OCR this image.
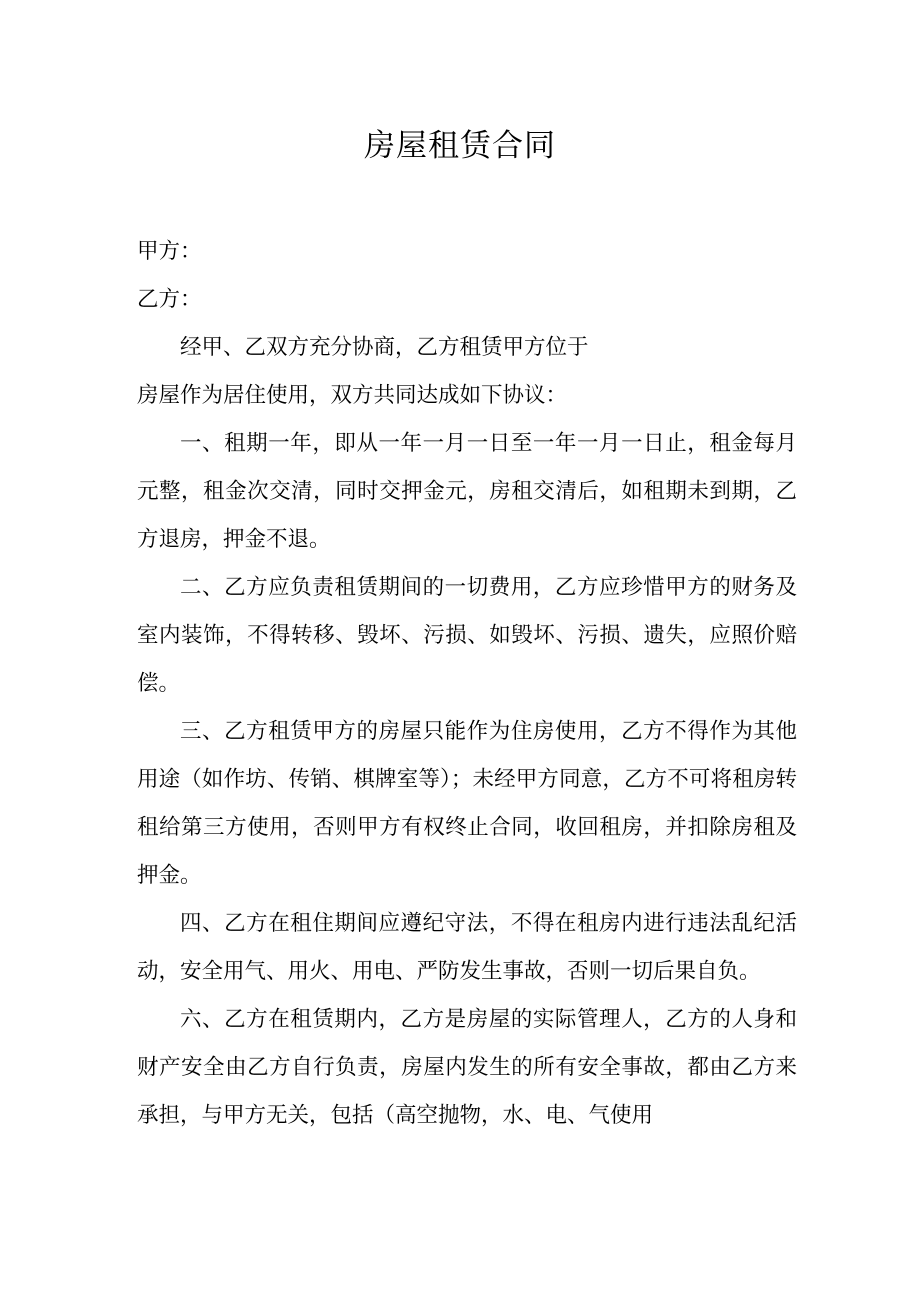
房屋租赁合同

甲方：

乙方：

经甲、乙双方充分协商，乙方租赁甲方位于

房屋作为居住使用，双方共同达成如下协议：

一、租期一年，即从一年一月一日至一年一月一日止，租金每月元整，租金次交清，同时交押金元，房租交清后，如租期未到期，乙方退房，押金不退。

二、乙方应负责租赁期间的一切费用，乙方应珍惜甲方的财务及室内装饰，不得转移、毁坏、污损、如毁坏、污损、遗失，应照价赔偿。

三、乙方租赁甲方的房屋只能作为住房使用，乙方不得作为其他用途（如作坊、传销、棋牌室等）；未经甲方同意，乙方不可将租房转租给第三方使用，否则甲方有权终止合同，收回租房，并扣除房租及押金。

四、乙方在租住期间应遵纪守法，不得在租房内进行违法乱纪活动，安全用气、用火、用电、严防发生事故，否则一切后果自负。

六、乙方在租赁期内，乙方是房屋的实际管理人，乙方的人身和财产安全由乙方自行负责，房屋内发生的所有安全事故，都由乙方来承担，与甲方无关，包括（高空抛物，水、电、气使用
